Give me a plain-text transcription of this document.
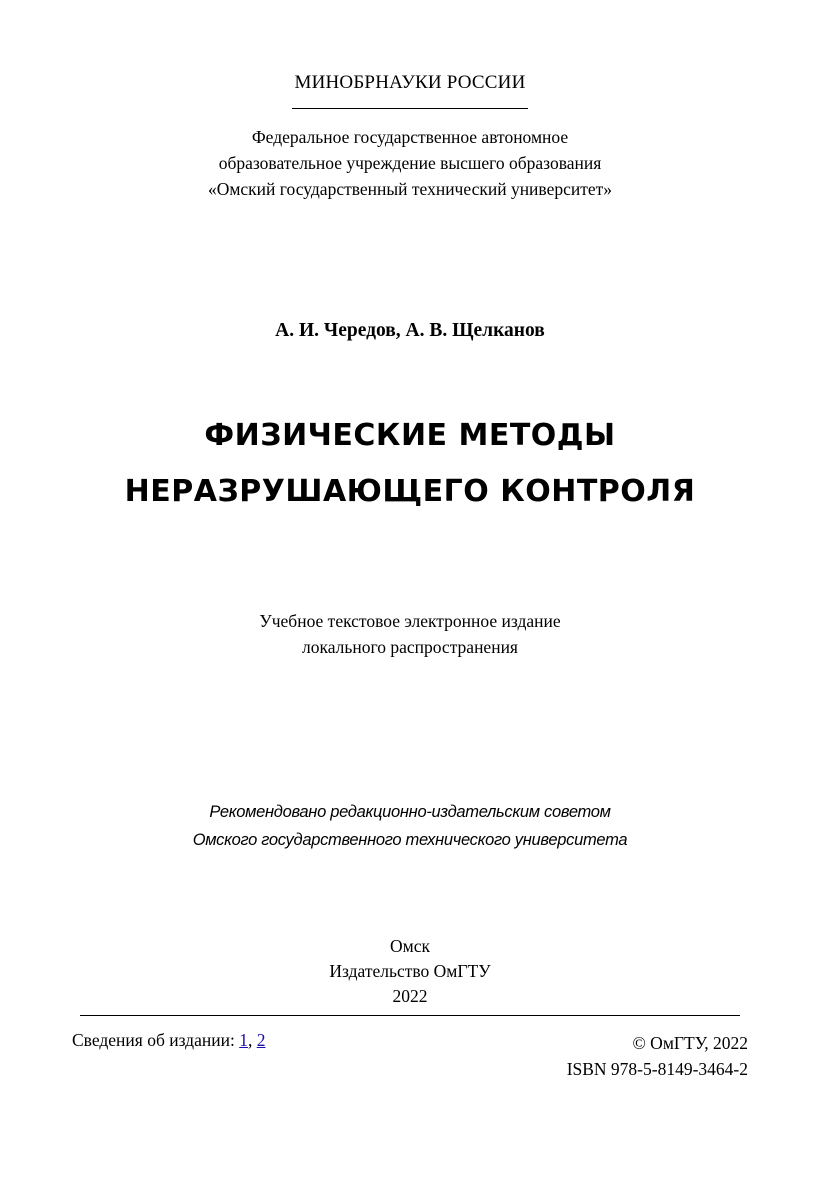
МИНОБРНАУКИ РОССИИ
Федеральное государственное автономное
образовательное учреждение высшего образования
«Омский государственный технический университет»
А. И. Чередов, А. В. Щелканов
ФИЗИЧЕСКИЕ МЕТОДЫ
НЕРАЗРУШАЮЩЕГО КОНТРОЛЯ
Учебное текстовое электронное издание
локального распространения
Рекомендовано редакционно-издательским советом
Омского государственного технического университета
Омск
Издательство ОмГТУ
2022
Сведения об издании: 1, 2	© ОмГТУ, 2022
ISBN 978-5-8149-3464-2
